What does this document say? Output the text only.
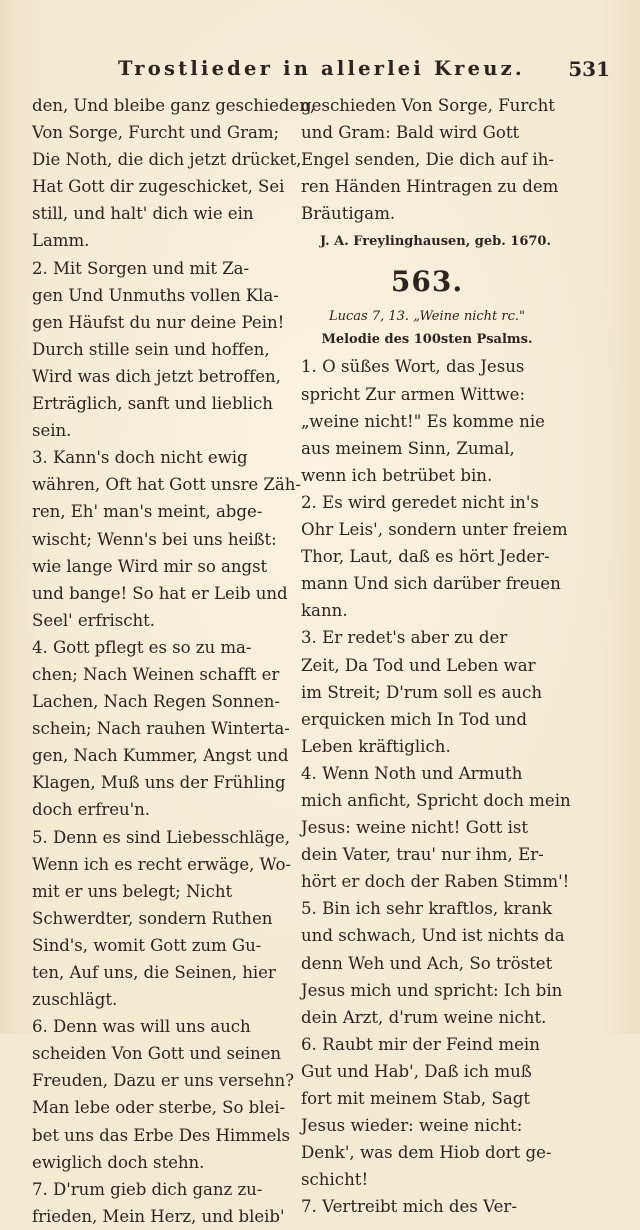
Trostlieder in allerlei Kreuz. 531
den, Und bleibe ganz geschieden,
Von Sorge, Furcht und Gram;
Die Noth, die dich jetzt drücket,
Hat Gott dir zugeschicket, Sei
still, und halt' dich wie ein
Lamm.
2. Mit Sorgen und mit Za-
gen Und Unmuths vollen Kla-
gen Häufst du nur deine Pein!
Durch stille sein und hoffen,
Wird was dich jetzt betroffen,
Erträglich, sanft und lieblich
sein.
3. Kann's doch nicht ewig
währen, Oft hat Gott unsre Zäh-
ren, Eh' man's meint, abge-
wischt; Wenn's bei uns heißt:
wie lange Wird mir so angst
und bange! So hat er Leib und
Seel' erfrischt.
4. Gott pflegt es so zu ma-
chen; Nach Weinen schafft er
Lachen, Nach Regen Sonnen-
schein; Nach rauhen Winterta-
gen, Nach Kummer, Angst und
Klagen, Muß uns der Frühling
doch erfreu'n.
5. Denn es sind Liebesschläge,
Wenn ich es recht erwäge, Wo-
mit er uns belegt; Nicht
Schwerdter, sondern Ruthen
Sind's, womit Gott zum Gu-
ten, Auf uns, die Seinen, hier
zuschlägt.
6. Denn was will uns auch
scheiden Von Gott und seinen
Freuden, Dazu er uns versehn?
Man lebe oder sterbe, So blei-
bet uns das Erbe Des Himmels
ewiglich doch stehn.
7. D'rum gieb dich ganz zu-
frieden, Mein Herz, und bleib'
geschieden Von Sorge, Furcht
und Gram: Bald wird Gott
Engel senden, Die dich auf ih-
ren Händen Hintragen zu dem
Bräutigam.
J. A. Freylinghausen, geb. 1670.
563.
Lucas 7, 13. „Weine nicht rc."
Melodie des 100sten Psalms.
1. O süßes Wort, das Jesus
spricht Zur armen Wittwe:
„weine nicht!" Es komme nie
aus meinem Sinn, Zumal,
wenn ich betrübet bin.
2. Es wird geredet nicht in's
Ohr Leis', sondern unter freiem
Thor, Laut, daß es hört Jeder-
mann Und sich darüber freuen
kann.
3. Er redet's aber zu der
Zeit, Da Tod und Leben war
im Streit; D'rum soll es auch
erquicken mich In Tod und
Leben kräftiglich.
4. Wenn Noth und Armuth
mich anficht, Spricht doch mein
Jesus: weine nicht! Gott ist
dein Vater, trau' nur ihm, Er-
hört er doch der Raben Stimm'!
5. Bin ich sehr kraftlos, krank
und schwach, Und ist nichts da
denn Weh und Ach, So tröstet
Jesus mich und spricht: Ich bin
dein Arzt, d'rum weine nicht.
6. Raubt mir der Feind mein
Gut und Hab', Daß ich muß
fort mit meinem Stab, Sagt
Jesus wieder: weine nicht:
Denk', was dem Hiob dort ge-
schicht!
7. Vertreibt mich des Ver-
